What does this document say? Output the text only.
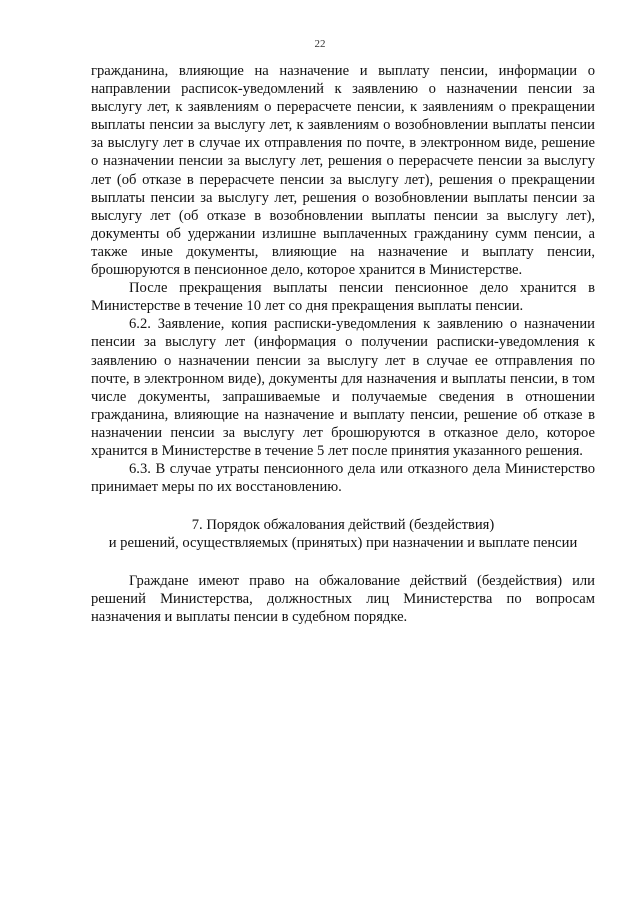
22

гражданина, влияющие на назначение и выплату пенсии, информации о направлении расписок-уведомлений к заявлению о назначении пенсии за выслугу лет, к заявлениям о перерасчете пенсии, к заявлениям о прекращении выплаты пенсии за выслугу лет, к заявлениям о возобновлении выплаты пенсии за выслугу лет в случае их отправления по почте, в электронном виде, решение о назначении пенсии за выслугу лет, решения о перерасчете пенсии за выслугу лет (об отказе в перерасчете пенсии за выслугу лет), решения о прекращении выплаты пенсии за выслугу лет, решения о возобновлении выплаты пенсии за выслугу лет (об отказе в возобновлении выплаты пенсии за выслугу лет), документы об удержании излишне выплаченных гражданину сумм пенсии, а также иные документы, влияющие на назначение и выплату пенсии, брошюруются в пенсионное дело, которое хранится в Министерстве.

После прекращения выплаты пенсии пенсионное дело хранится в Министерстве в течение 10 лет со дня прекращения выплаты пенсии.

6.2. Заявление, копия расписки-уведомления к заявлению о назначении пенсии за выслугу лет (информация о получении расписки-уведомления к заявлению о назначении пенсии за выслугу лет в случае ее отправления по почте, в электронном виде), документы для назначения и выплаты пенсии, в том числе документы, запрашиваемые и получаемые сведения в отношении гражданина, влияющие на назначение и выплату пенсии, решение об отказе в назначении пенсии за выслугу лет брошюруются в отказное дело, которое хранится в Министерстве в течение 5 лет после принятия указанного решения.

6.3. В случае утраты пенсионного дела или отказного дела Министерство принимает меры по их восстановлению.

7. Порядок обжалования действий (бездействия)
и решений, осуществляемых (принятых) при назначении и выплате пенсии

Граждане имеют право на обжалование действий (бездействия) или решений Министерства, должностных лиц Министерства по вопросам назначения и выплаты пенсии в судебном порядке.
